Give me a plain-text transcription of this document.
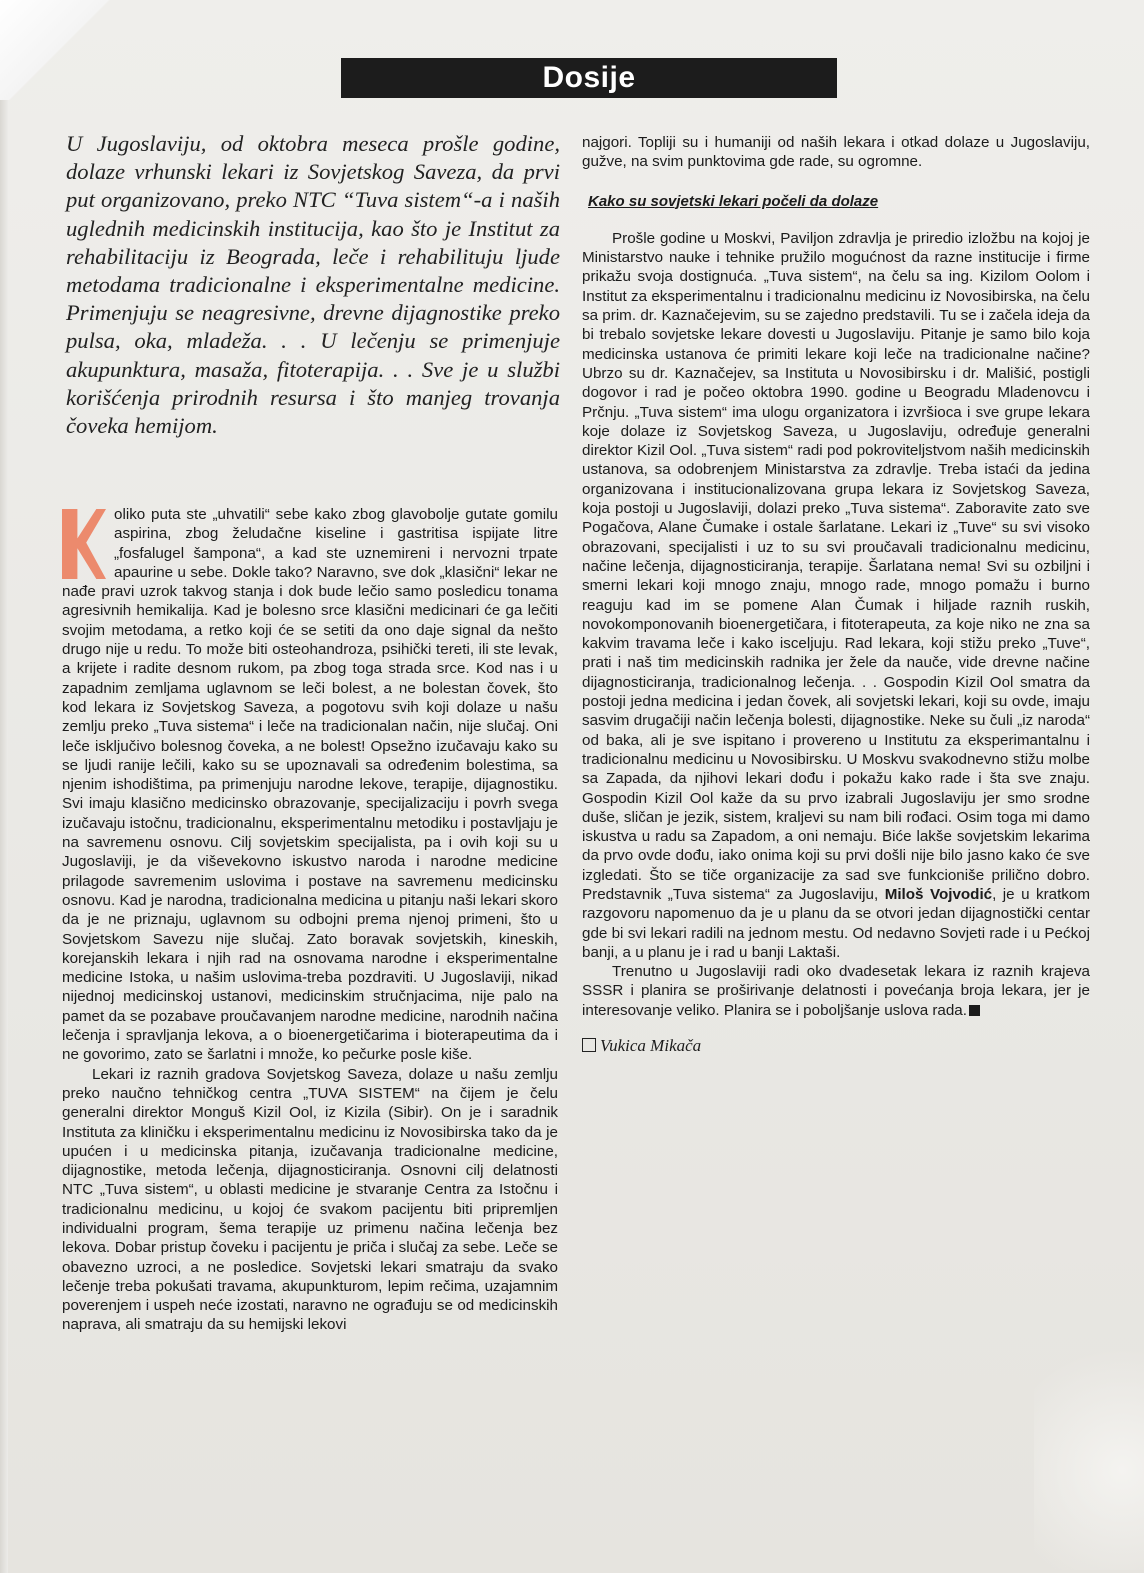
Dosije
U Jugoslaviju, od oktobra meseca prošle godine, dolaze vrhunski lekari iz Sovjetskog Saveza, da prvi put organizovano, preko NTC “Tuva sistem“-a i naših uglednih medicinskih institucija, kao što je Institut za rehabilitaciju iz Beograda, leče i rehabilituju ljude metodama tradicionalne i eksperimentalne medicine. Primenjuju se neagresivne, drevne dijagnostike preko pulsa, oka, mladeža. . . U lečenju se primenjuje akupunktura, masaža, fitoterapija. . . Sve je u službi korišćenja prirodnih resursa i što manjeg trovanja čoveka hemijom.

K	oliko puta ste „uhvatili“ sebe kako zbog glavobolje gutate gomilu aspirina, zbog želudačne kiseline i gastritisa ispijate litre „fosfalugel šampona“, a kad ste uznemireni i nervozni trpate apaurine u sebe. Dokle tako? Naravno, sve dok „klasični“ lekar ne nađe pravi uzrok takvog stanja i dok bude lečio samo posledicu tonama agresivnih hemikalija. Kad je bolesno srce klasični medicinari će ga lečiti svojim metodama, a retko koji će se setiti da ono daje signal da nešto drugo nije u redu. To može biti osteohandroza, psihički tereti, ili ste levak, a krijete i radite desnom rukom, pa zbog toga strada srce. Kod nas i u zapadnim zemljama uglavnom se leči bolest, a ne bolestan čovek, što kod lekara iz Sovjetskog Saveza, a pogotovu svih koji dolaze u našu zemlju preko „Tuva sistema“ i leče na tradicionalan način, nije slučaj. Oni leče isključivo bolesnog čoveka, a ne bolest! Opsežno izučavaju kako su se ljudi ranije lečili, kako su se upoznavali sa određenim bolestima, sa njenim ishodištima, pa primenjuju narodne lekove, terapije, dijagnostiku. Svi imaju klasično medicinsko obrazovanje, specijalizaciju i povrh svega izučavaju istočnu, tradicionalnu, eksperimentalnu metodiku i postavljaju je na savremenu osnovu. Cilj sovjetskim specijalista, pa i ovih koji su u Jugoslaviji, je da viševekovno iskustvo naroda i narodne medicine prilagode savremenim uslovima i postave na savremenu medicinsku osnovu. Kad je narodna, tradicionalna medicina u pitanju naši lekari skoro da je ne priznaju, uglavnom su odbojni prema njenoj primeni, što u Sovjetskom Savezu nije slučaj. Zato boravak sovjetskih, kineskih, korejanskih lekara i njih rad na osnovama narodne i eksperimentalne medicine Istoka, u našim uslovima-treba pozdraviti. U Jugoslaviji, nikad nijednoj medicinskoj ustanovi, medicinskim stručnjacima, nije palo na pamet da se pozabave proučavanjem narodne medicine, narodnih načina lečenja i spravljanja lekova, a o bioenergetičarima i bioterapeutima da i ne govorimo, zato se šarlatni i množe, ko pečurke posle kiše.

Lekari iz raznih gradova Sovjetskog Saveza, dolaze u našu zemlju preko naučno tehničkog centra „TUVA SISTEM“ na čijem je čelu generalni direktor Monguš Kizil Ool, iz Kizila (Sibir). On je i saradnik Instituta za kliničku i eksperimentalnu medicinu iz Novosibirska tako da je upućen i u medicinska pitanja, izučavanja tradicionalne medicine, dijagnostike, metoda lečenja, dijagnosticiranja. Osnovni cilj delatnosti NTC „Tuva sistem“, u oblasti medicine je stvaranje Centra za Istočnu i tradicionalnu medicinu, u kojoj će svakom pacijentu biti pripremljen individualni program, šema terapije uz primenu načina lečenja bez lekova. Dobar pristup čoveku i pacijentu je priča i slučaj za sebe. Leče se obavezno uzroci, a ne posledice. Sovjetski lekari smatraju da svako lečenje treba pokušati travama, akupunkturom, lepim rečima, uzajamnim poverenjem i uspeh neće izostati, naravno ne ograđuju se od medicinskih naprava, ali smatraju da su hemijski lekovi

najgori. Topliji su i humaniji od naših lekara i otkad dolaze u Jugoslaviju, gužve, na svim punktovima gde rade, su ogromne.

Kako su sovjetski lekari počeli da dolaze

Prošle godine u Moskvi, Paviljon zdravlja je priredio izložbu na kojoj je Ministarstvo nauke i tehnike pružilo mogućnost da razne institucije i firme prikažu svoja dostignuća. „Tuva sistem“, na čelu sa ing. Kizilom Oolom i Institut za eksperimentalnu i tradicionalnu medicinu iz Novosibirska, na čelu sa prim. dr. Kaznačejevim, su se zajedno predstavili. Tu se i začela ideja da bi trebalo sovjetske lekare dovesti u Jugoslaviju. Pitanje je samo bilo koja medicinska ustanova će primiti lekare koji leče na tradicionalne načine? Ubrzo su dr. Kaznačejev, sa Instituta u Novosibirsku i dr. Mališić, postigli dogovor i rad je počeo oktobra 1990. godine u Beogradu Mladenovcu i Prčnju. „Tuva sistem“ ima ulogu organizatora i izvršioca i sve grupe lekara koje dolaze iz Sovjetskog Saveza, u Jugoslaviju, određuje generalni direktor Kizil Ool. „Tuva sistem“ radi pod pokroviteljstvom naših medicinskih ustanova, sa odobrenjem Ministarstva za zdravlje. Treba istaći da jedina organizovana i institucionalizovana grupa lekara iz Sovjetskog Saveza, koja postoji u Jugoslaviji, dolazi preko „Tuva sistema“. Zaboravite zato sve Pogačova, Alane Čumake i ostale šarlatane. Lekari iz „Tuve“ su svi visoko obrazovani, specijalisti i uz to su svi proučavali tradicionalnu medicinu, načine lečenja, dijagnosticiranja, terapije. Šarlatana nema! Svi su ozbiljni i smerni lekari koji mnogo znaju, mnogo rade, mnogo pomažu i burno reaguju kad im se pomene Alan Čumak i hiljade raznih ruskih, novokomponovanih bioenergetičara, i fitoterapeuta, za koje niko ne zna sa kakvim travama leče i kako isceljuju. Rad lekara, koji stižu preko „Tuve“, prati i naš tim medicinskih radnika jer žele da nauče, vide drevne načine dijagnosticiranja, tradicionalnog lečenja. . . Gospodin Kizil Ool smatra da postoji jedna medicina i jedan čovek, ali sovjetski lekari, koji su ovde, imaju sasvim drugačiji način lečenja bolesti, dijagnostike. Neke su čuli „iz naroda“ od baka, ali je sve ispitano i provereno u Institutu za eksperimantalnu i tradicionalnu medicinu u Novosibirsku. U Moskvu svakodnevno stižu molbe sa Zapada, da njihovi lekari dođu i pokažu kako rade i šta sve znaju. Gospodin Kizil Ool kaže da su prvo izabrali Jugoslaviju jer smo srodne duše, sličan je jezik, sistem, kraljevi su nam bili rođaci. Osim toga mi damo iskustva u radu sa Zapadom, a oni nemaju. Biće lakše sovjetskim lekarima da prvo ovde dođu, iako onima koji su prvi došli nije bilo jasno kako će sve izgledati. Što se tiče organizacije za sad sve funkcioniše prilično dobro. Predstavnik „Tuva sistema“ za Jugoslaviju, Miloš Vojvodić, je u kratkom razgovoru napomenuo da je u planu da se otvori jedan dijagnostički centar gde bi svi lekari radili na jednom mestu. Od nedavno Sovjeti rade i u Pećkoj banji, a u planu je i rad u banji Laktaši.

Trenutno u Jugoslaviji radi oko dvadesetak lekara iz raznih krajeva SSSR i planira se proširivanje delatnosti i povećanja broja lekara, jer je interesovanje veliko. Planira se i poboljšanje uslova rada.

Vukica Mikača
